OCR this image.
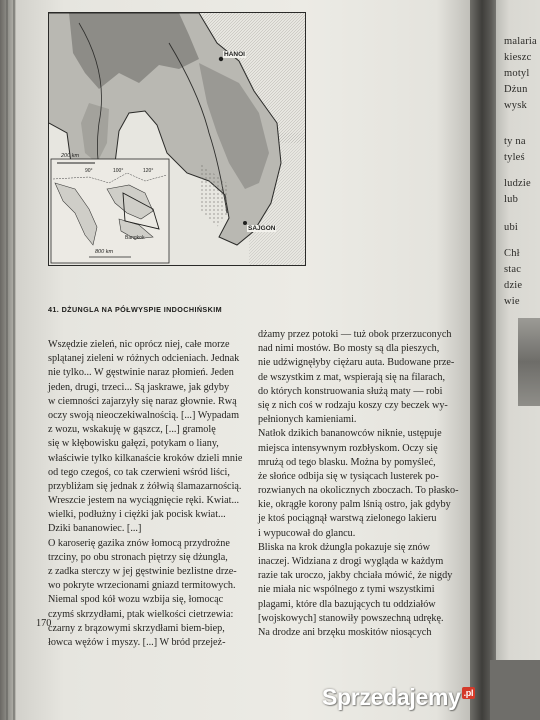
malaria
kieszc
motyl
Dżun
wysk
ty na
tyleś
ludzie
lub
ubi
Chł
stac
dzie
wie
HANOI
SAJGON
200 km
800 km
Bangkok
90°	100°	120°
41. DŻUNGLA NA PÓŁWYSPIE INDOCHIŃSKIM
Wszędzie zieleń, nic oprócz niej, całe morze
splątanej zieleni w różnych odcieniach. Jednak
nie tylko... W gęstwinie naraz płomień. Jeden
jeden, drugi, trzeci... Są jaskrawe, jak gdyby
w ciemności zajarzyły się naraz głownie. Rwą
oczy swoją nieoczekiwalnością. [...] Wypadam
z wozu, wskakuję w gąszcz, [...] gramolę
się w kłębowisku gałęzi, potykam o liany,
właściwie tylko kilkanaście kroków dzieli mnie
od tego czegoś, co tak czerwieni wśród liści,
przybliżam się jednak z żółwią ślamazarnością.
Wreszcie jestem na wyciągnięcie ręki. Kwiat...
wielki, podłużny i ciężki jak pocisk kwiat...
Dziki bananowiec. [...]
O karoserię gazika znów łomocą przydrożne
trzciny, po obu stronach piętrzy się dżungla,
z zadka sterczy w jej gęstwinie bezlistne drze-
wo pokryte wrzecionami gniazd termitowych.
Niemal spod kół wozu wzbija się, łomocąc
czymś skrzydłami, ptak wielkości cietrzewia:
czarny z brązowymi skrzydłami biem-biep,
łowca wężów i myszy. [...] W bród przejeż-
dżamy przez potoki — tuż obok przerzuconych
nad nimi mostów. Bo mosty są dla pieszych,
nie udźwignęłyby ciężaru auta. Budowane prze-
de wszystkim z mat, wspierają się na filarach,
do których konstruowania służą maty — robi
się z nich coś w rodzaju koszy czy beczek wy-
pełnionych kamieniami.
Natłok dzikich bananowców niknie, ustępuje
miejsca intensywnym rozbłyskom. Oczy się
mrużą od tego blasku. Można by pomyśleć,
że słońce odbija się w tysiącach lusterek po-
rozwianych na okolicznych zboczach. To płasko-
kie, okrągłe korony palm lśnią ostro, jak gdyby
je ktoś pociągnął warstwą zielonego lakieru
i wypucował do glancu.
Bliska na krok dżungla pokazuje się znów
inaczej. Widziana z drogi wygląda w każdym
razie tak uroczo, jakby chciała mówić, że nigdy
nie miała nic wspólnego z tymi wszystkimi
plagami, które dla bazujących tu oddziałów
[wojskowych] stanowiły powszechną udrękę.
Na drodze ani brzęku moskitów niosących
170
Sprzedajemy .pl
